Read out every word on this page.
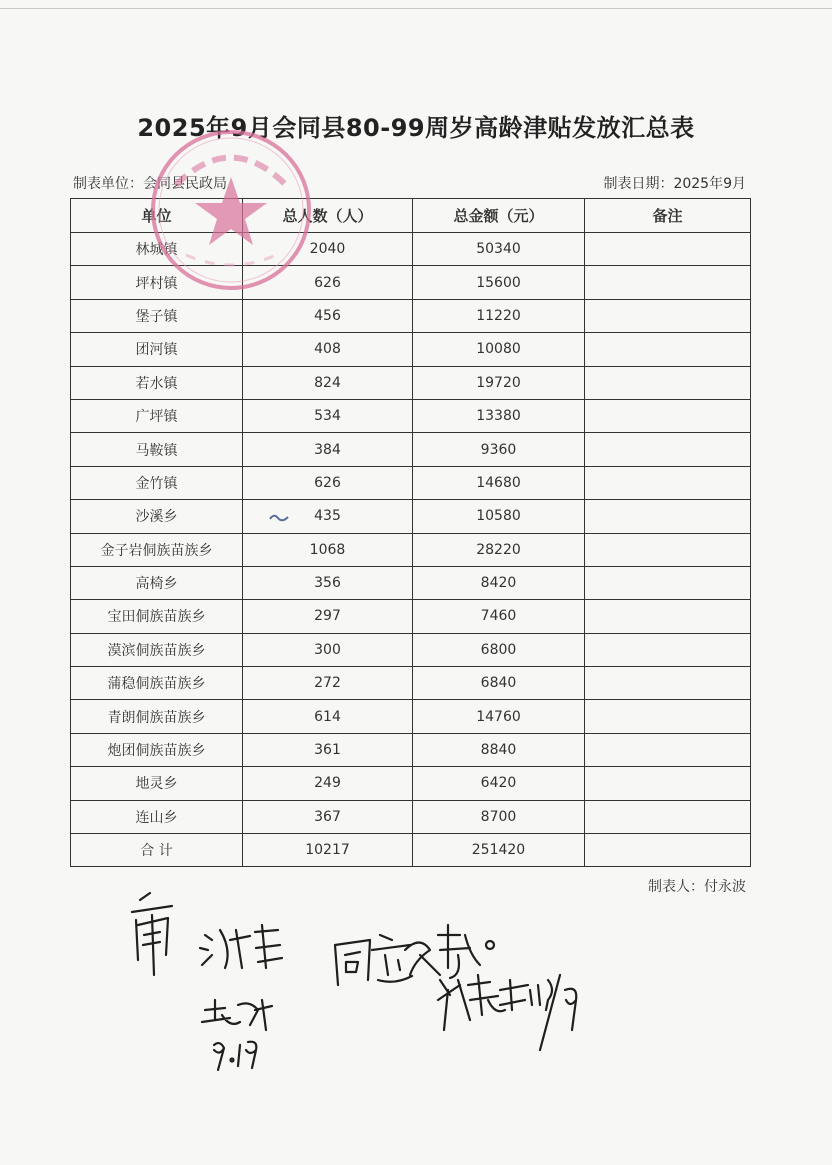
2025年9月会同县80-99周岁高龄津贴发放汇总表
制表单位：会同县民政局	制表日期：2025年9月
单位	总人数（人）	总金额（元）	备注
林城镇	2040	50340	
坪村镇	626	15600	
堡子镇	456	11220	
团河镇	408	10080	
若水镇	824	19720	
广坪镇	534	13380	
马鞍镇	384	9360	
金竹镇	626	14680	
沙溪乡	435	10580	
金子岩侗族苗族乡	1068	28220	
高椅乡	356	8420	
宝田侗族苗族乡	297	7460	
漠滨侗族苗族乡	300	6800	
蒲稳侗族苗族乡	272	6840	
青朗侗族苗族乡	614	14760	
炮团侗族苗族乡	361	8840	
地灵乡	249	6420	
连山乡	367	8700	
合 计	10217	251420	
制表人：付永波
